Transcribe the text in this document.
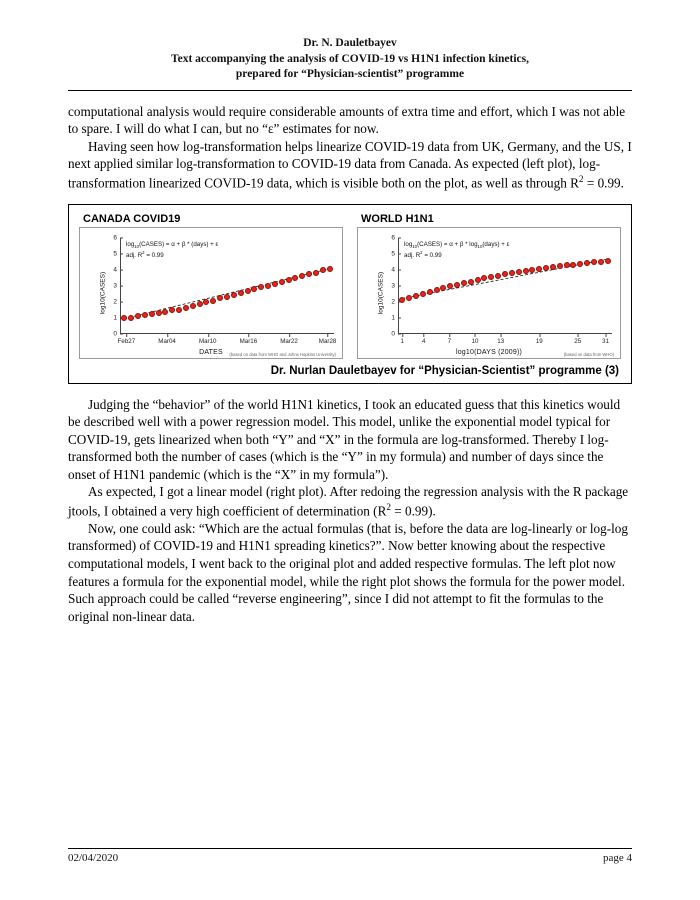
Dr. N. Dauletbayev
Text accompanying the analysis of COVID-19 vs H1N1 infection kinetics,
prepared for “Physician-scientist” programme

computational analysis would require considerable amounts of extra time and effort, which I was not able to spare. I will do what I can, but no “ε” estimates for now.

Having seen how log-transformation helps linearize COVID-19 data from UK, Germany, and the US, I next applied similar log-transformation to COVID-19 data from Canada. As expected (left plot), log-transformation linearized COVID-19 data, which is visible both on the plot, as well as through $R^2 = 0.99$.

CANADA COVID19
log10(CASES)
$\log_{10}(CASES) = \alpha + \beta$ * (days) + ε
adj. $R^2 = 0.99$
0
1
2
3
4
5
6
Feb27	Mar04	Mar10	Mar16	Mar22	Mar28
DATES	(based on data from WHO and Johns Hopkins University)
WORLD H1N1
log10(CASES)
$\log_{10}(CASES) = \alpha + \beta$ * $\log_{10}(days) + \varepsilon$
adj. $R^2 = 0.99$
0
1
2
3
4
5
6
1	4	7	10	13	19	25	31
log10(DAYS (2009))	(based on data from WHO)
Dr. Nurlan Dauletbayev for “Physician-Scientist” programme (3)

Judging the “behavior” of the world H1N1 kinetics, I took an educated guess that this kinetics would be described well with a power regression model. This model, unlike the exponential model typical for COVID-19, gets linearized when both “Y” and “X” in the formula are log-transformed. Thereby I log-transformed both the number of cases (which is the “Y” in my formula) and number of days since the onset of H1N1 pandemic (which is the “X” in my formula”).

As expected, I got a linear model (right plot). After redoing the regression analysis with the R package jtools, I obtained a very high coefficient of determination $(R^2 = 0.99)$.

Now, one could ask: “Which are the actual formulas (that is, before the data are log-linearly or log-log transformed) of COVID-19 and H1N1 spreading kinetics?”. Now better knowing about the respective computational models, I went back to the original plot and added respective formulas. The left plot now features a formula for the exponential model, while the right plot shows the formula for the power model. Such approach could be called “reverse engineering”, since I did not attempt to fit the formulas to the original non-linear data.

02/04/2020	page 4
